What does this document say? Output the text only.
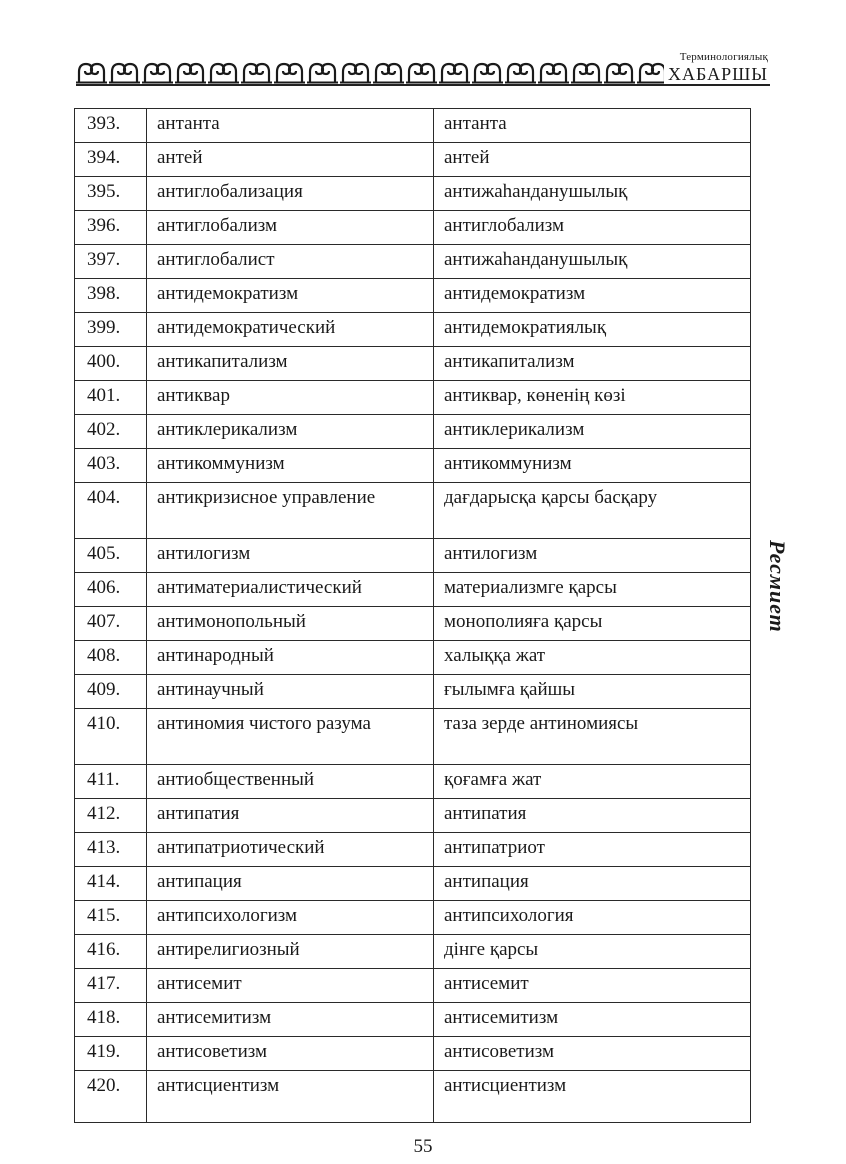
Терминологиялық
ХАБАРШЫ
393.	антанта	антанта
394.	антей	антей
395.	антиглобализация	антижаһандануш​ылық
396.	антиглобализм	антиглобализм
397.	антиглобалист	антижаһанданушылық
398.	антидемократизм	антидемократизм
399.	антидемократический	антидемократиялық
400.	антикапитализм	антикапитализм
401.	антиквар	антиквар, көненің көзі
402.	антиклерикализм	антиклерикализм
403.	антикоммунизм	антикоммунизм
404.	антикризисное управление	дағдарысқа қарсы басқару
405.	антилогизм	антилогизм
406.	антиматериалистический	материализмге қарсы
407.	антимонопольный	монополияға қарсы
408.	антинародный	халыққа жат
409.	антинаучный	ғылымға қайшы
410.	антиномия чистого разума	таза зерде антиномиясы
411.	антиобщественный	қоғамға жат
412.	антипатия	антипатия
413.	антипатриотический	антипатриот
414.	антипация	антипация
415.	антипсихологизм	антипсихология
416.	антирелигиозный	дінге қарсы
417.	антисемит	антисемит
418.	антисемитизм	антисемитизм
419.	антисоветизм	антисоветизм
420.	антисциентизм	антисциентизм
Ресмиет
55
